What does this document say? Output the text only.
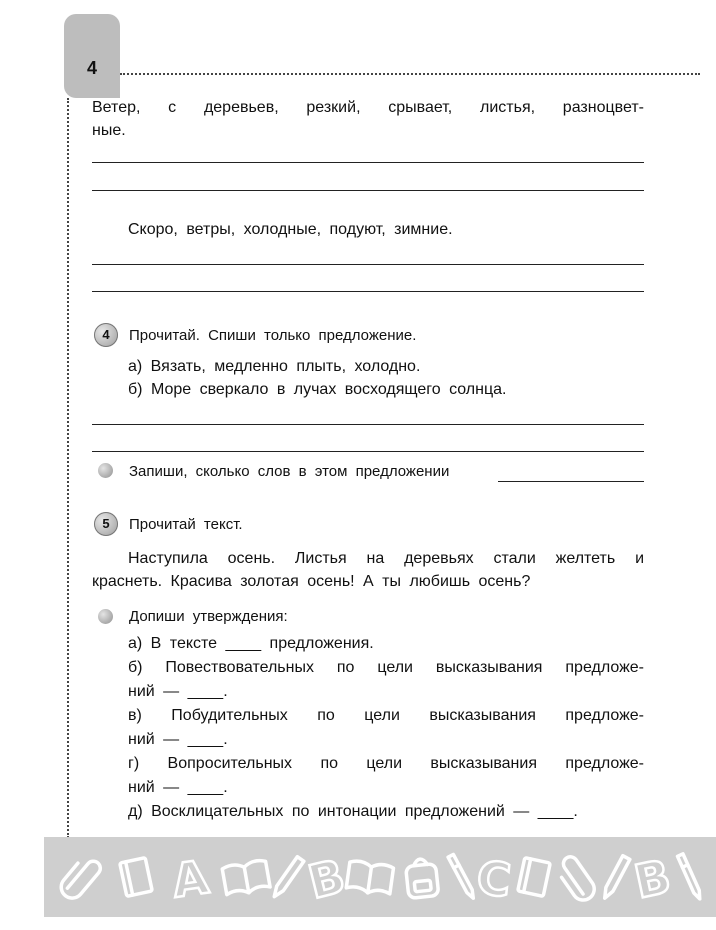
4
Ветер, с деревьев, резкий, срывает, листья, разноцвет-
ные.
Скоро, ветры, холодные, подуют, зимние.
4	Прочитай. Спиши только предложение.
а) Вязать, медленно плыть, холодно.
б) Море сверкало в лучах восходящего солнца.
Запиши, сколько слов в этом предложении
5	Прочитай текст.
Наступила осень. Листья на деревьях стали желтеть и
краснеть. Красива золотая осень! А ты любишь осень?
Допиши утверждения:
а) В тексте ____ предложения.
б) Повествовательных по цели высказывания предложе-
ний — ____.
в) Побудительных по цели высказывания предложе-
ний — ____.
г) Вопросительных по цели высказывания предложе-
ний — ____.
д) Восклицательных по интонации предложений — ____.
А В	С	В
